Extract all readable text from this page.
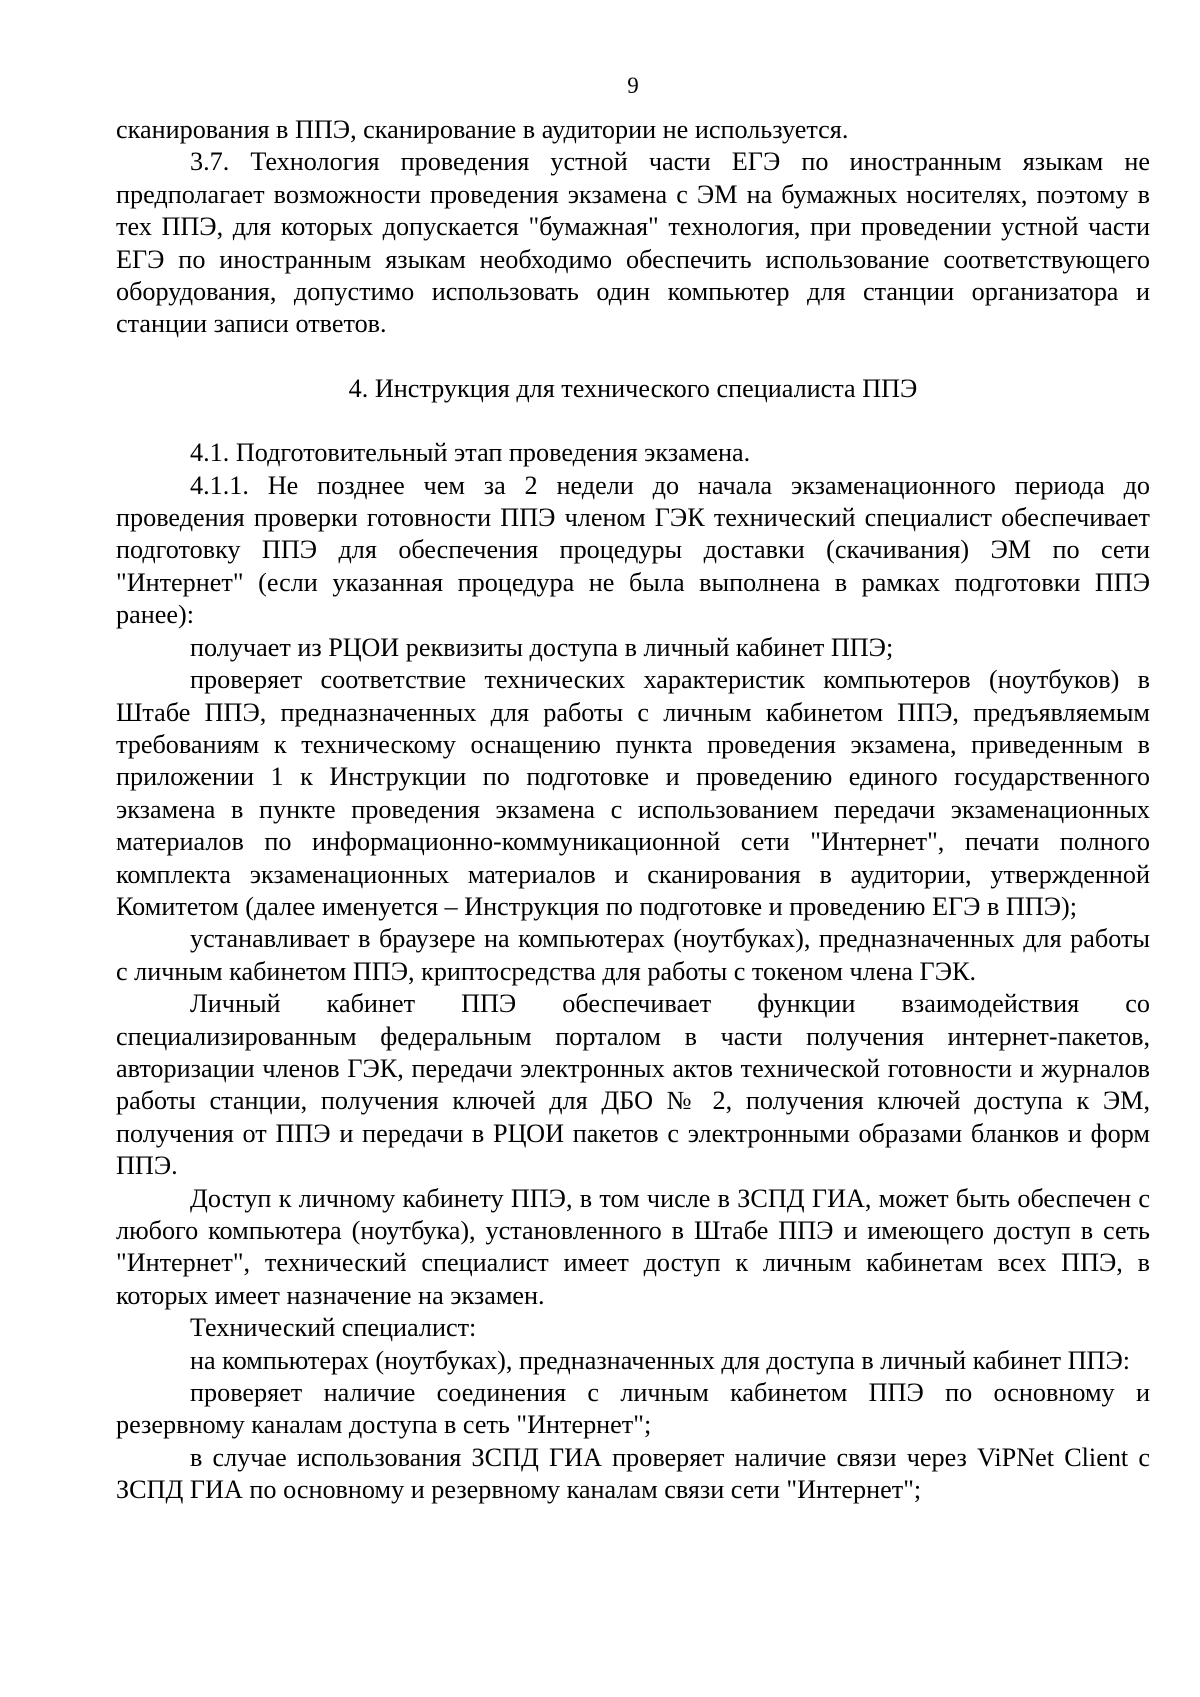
9

сканирования в ППЭ, сканирование в аудитории не используется.

3.7. Технология проведения устной части ЕГЭ по иностранным языкам не предполагает возможности проведения экзамена с ЭМ на бумажных носителях, поэтому в тех ППЭ, для которых допускается "бумажная" технология, при проведении устной части ЕГЭ по иностранным языкам необходимо обеспечить использование соответствующего оборудования, допустимо использовать один компьютер для станции организатора и станции записи ответов.

4. Инструкция для технического специалиста ППЭ

4.1. Подготовительный этап проведения экзамена.

4.1.1. Не позднее чем за 2 недели до начала экзаменационного периода до проведения проверки готовности ППЭ членом ГЭК технический специалист обеспечивает подготовку ППЭ для обеспечения процедуры доставки (скачивания) ЭМ по сети "Интернет" (если указанная процедура не была выполнена в рамках подготовки ППЭ ранее):

получает из РЦОИ реквизиты доступа в личный кабинет ППЭ;

проверяет соответствие технических характеристик компьютеров (ноутбуков) в Штабе ППЭ, предназначенных для работы с личным кабинетом ППЭ, предъявляемым требованиям к техническому оснащению пункта проведения экзамена, приведенным в приложении 1 к Инструкции по подготовке и проведению единого государственного экзамена в пункте проведения экзамена с использованием передачи экзаменационных материалов по информационно-коммуникационной сети "Интернет", печати полного комплекта экзаменационных материалов и сканирования в аудитории, утвержденной Комитетом (далее именуется – Инструкция по подготовке и проведению ЕГЭ в ППЭ);

устанавливает в браузере на компьютерах (ноутбуках), предназначенных для работы с личным кабинетом ППЭ, криптосредства для работы с токеном члена ГЭК.

Личный кабинет ППЭ обеспечивает функции взаимодействия со специализированным федеральным порталом в части получения интернет-пакетов, авторизации членов ГЭК, передачи электронных актов технической готовности и журналов работы станции, получения ключей для ДБО № 2, получения ключей доступа к ЭМ, получения от ППЭ и передачи в РЦОИ пакетов с электронными образами бланков и форм ППЭ.

Доступ к личному кабинету ППЭ, в том числе в ЗСПД ГИА, может быть обеспечен с любого компьютера (ноутбука), установленного в Штабе ППЭ и имеющего доступ в сеть "Интернет", технический специалист имеет доступ к личным кабинетам всех ППЭ, в которых имеет назначение на экзамен.

Технический специалист:

на компьютерах (ноутбуках), предназначенных для доступа в личный кабинет ППЭ:

проверяет наличие соединения с личным кабинетом ППЭ по основному и резервному каналам доступа в сеть "Интернет";

в случае использования ЗСПД ГИА проверяет наличие связи через ViPNet Client с ЗСПД ГИА по основному и резервному каналам связи сети "Интернет";
